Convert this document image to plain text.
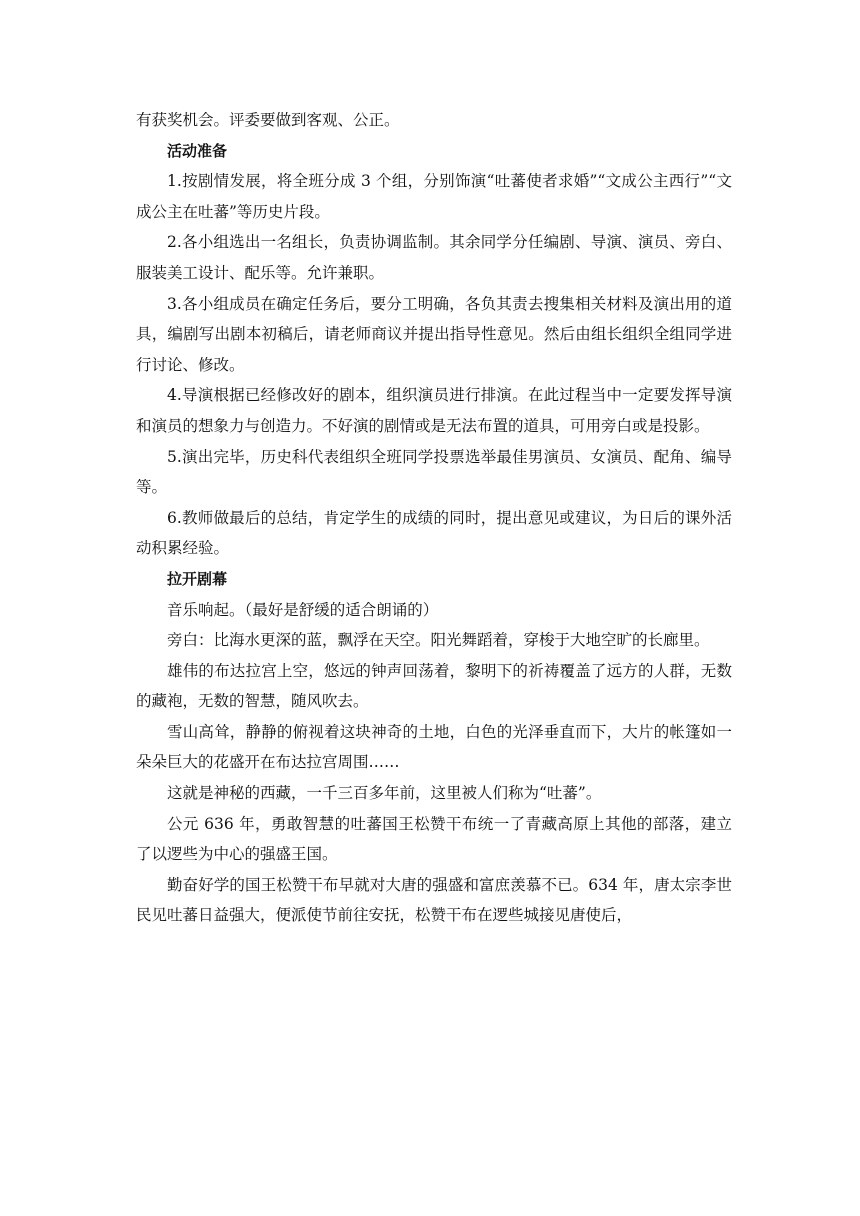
有获奖机会。评委要做到客观、公正。

活动准备

1.按剧情发展，将全班分成 3 个组，分别饰演“吐蕃使者求婚”“文成公主西行”“文成公主在吐蕃”等历史片段。

2.各小组选出一名组长，负责协调监制。其余同学分任编剧、导演、演员、旁白、服装美工设计、配乐等。允许兼职。

3.各小组成员在确定任务后，要分工明确，各负其责去搜集相关材料及演出用的道具，编剧写出剧本初稿后，请老师商议并提出指导性意见。然后由组长组织全组同学进行讨论、修改。

4.导演根据已经修改好的剧本，组织演员进行排演。在此过程当中一定要发挥导演和演员的想象力与创造力。不好演的剧情或是无法布置的道具，可用旁白或是投影。

5.演出完毕，历史科代表组织全班同学投票选举最佳男演员、女演员、配角、编导等。

6.教师做最后的总结，肯定学生的成绩的同时，提出意见或建议，为日后的课外活动积累经验。

拉开剧幕

音乐响起。（最好是舒缓的适合朗诵的）

旁白：比海水更深的蓝，飘浮在天空。阳光舞蹈着，穿梭于大地空旷的长廊里。

雄伟的布达拉宫上空，悠远的钟声回荡着，黎明下的祈祷覆盖了远方的人群，无数的藏袍，无数的智慧，随风吹去。

雪山高耸，静静的俯视着这块神奇的土地，白色的光泽垂直而下，大片的帐篷如一朵朵巨大的花盛开在布达拉宫周围……

这就是神秘的西藏，一千三百多年前，这里被人们称为“吐蕃”。

公元 636 年，勇敢智慧的吐蕃国王松赞干布统一了青藏高原上其他的部落，建立了以逻些为中心的强盛王国。

勤奋好学的国王松赞干布早就对大唐的强盛和富庶羡慕不已。634 年，唐太宗李世民见吐蕃日益强大，便派使节前往安抚，松赞干布在逻些城接见唐使后，
